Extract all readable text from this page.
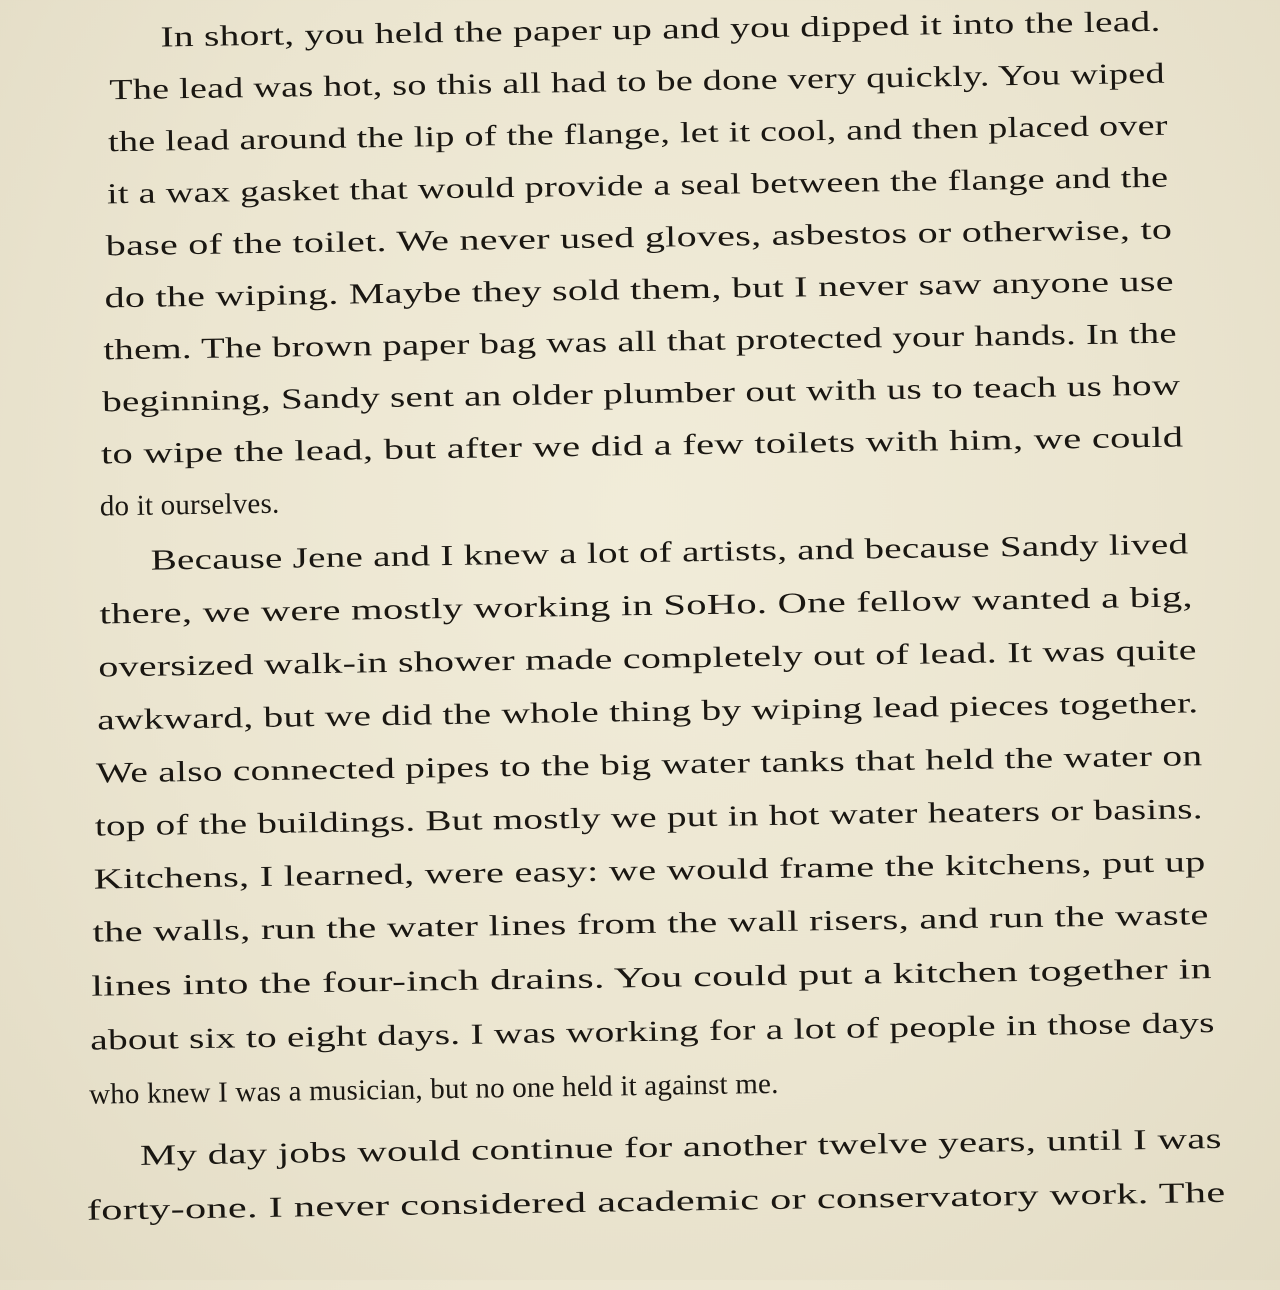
In short, you held the paper up and you dipped it into the lead.
The lead was hot, so this all had to be done very quickly. You wiped
the lead around the lip of the flange, let it cool, and then placed over
it a wax gasket that would provide a seal between the flange and the
base of the toilet. We never used gloves, asbestos or otherwise, to
do the wiping. Maybe they sold them, but I never saw anyone use
them. The brown paper bag was all that protected your hands. In the
beginning, Sandy sent an older plumber out with us to teach us how
to wipe the lead, but after we did a few toilets with him, we could
do it ourselves.
Because Jene and I knew a lot of artists, and because Sandy lived
there, we were mostly working in SoHo. One fellow wanted a big,
oversized walk-in shower made completely out of lead. It was quite
awkward, but we did the whole thing by wiping lead pieces together.
We also connected pipes to the big water tanks that held the water on
top of the buildings. But mostly we put in hot water heaters or basins.
Kitchens, I learned, were easy: we would frame the kitchens, put up
the walls, run the water lines from the wall risers, and run the waste
lines into the four-inch drains. You could put a kitchen together in
about six to eight days. I was working for a lot of people in those days
who knew I was a musician, but no one held it against me.
My day jobs would continue for another twelve years, until I was
forty-one. I never considered academic or conservatory work. The
